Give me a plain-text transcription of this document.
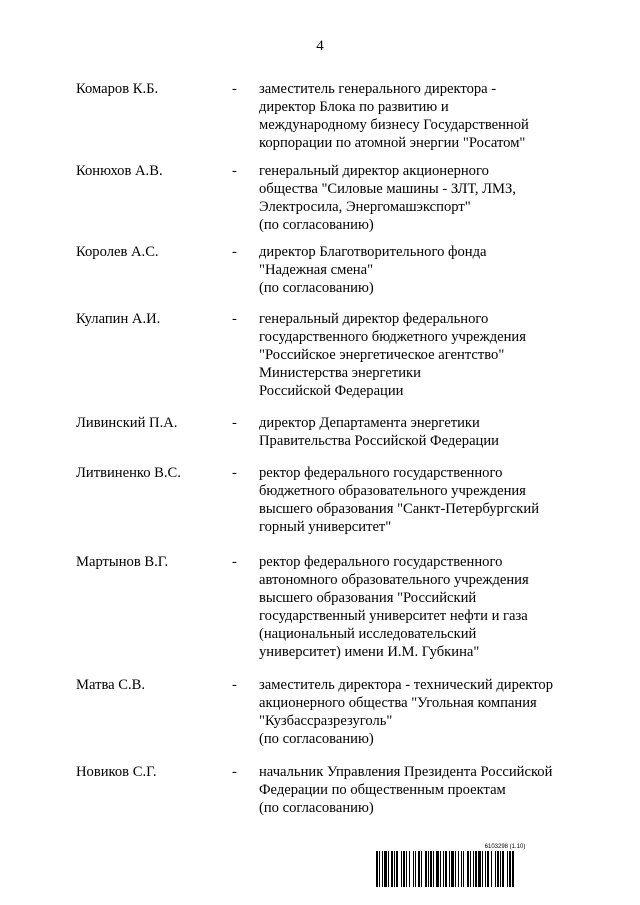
4
Комаров К.Б.	- заместитель генерального директора -
директор Блока по развитию и
международному бизнесу Государственной
корпорации по атомной энергии "Росатом"
Конюхов А.В.	- генеральный директор акционерного
общества "Силовые машины - ЗЛТ, ЛМЗ,
Электросила, Энергомашэкспорт"
(по согласованию)
Королев А.С.	- директор Благотворительного фонда
"Надежная смена"
(по согласованию)
Кулапин А.И.	- генеральный директор федерального
государственного бюджетного учреждения
"Российское энергетическое агентство"
Министерства энергетики
Российской Федерации
Ливинский П.А.	- директор Департамента энергетики
Правительства Российской Федерации
Литвиненко В.С.	- ректор федерального государственного
бюджетного образовательного учреждения
высшего образования "Санкт-Петербургский
горный университет"
Мартынов В.Г.	- ректор федерального государственного
автономного образовательного учреждения
высшего образования "Российский
государственный университет нефти и газа
(национальный исследовательский
университет) имени И.М. Губкина"
Матва С.В.	- заместитель директора - технический директор
акционерного общества "Угольная компания
"Кузбассразрезуголь"
(по согласованию)
Новиков С.Г.	- начальник Управления Президента Российской
Федерации по общественным проектам
(по согласованию)
6103298 (1.10)
